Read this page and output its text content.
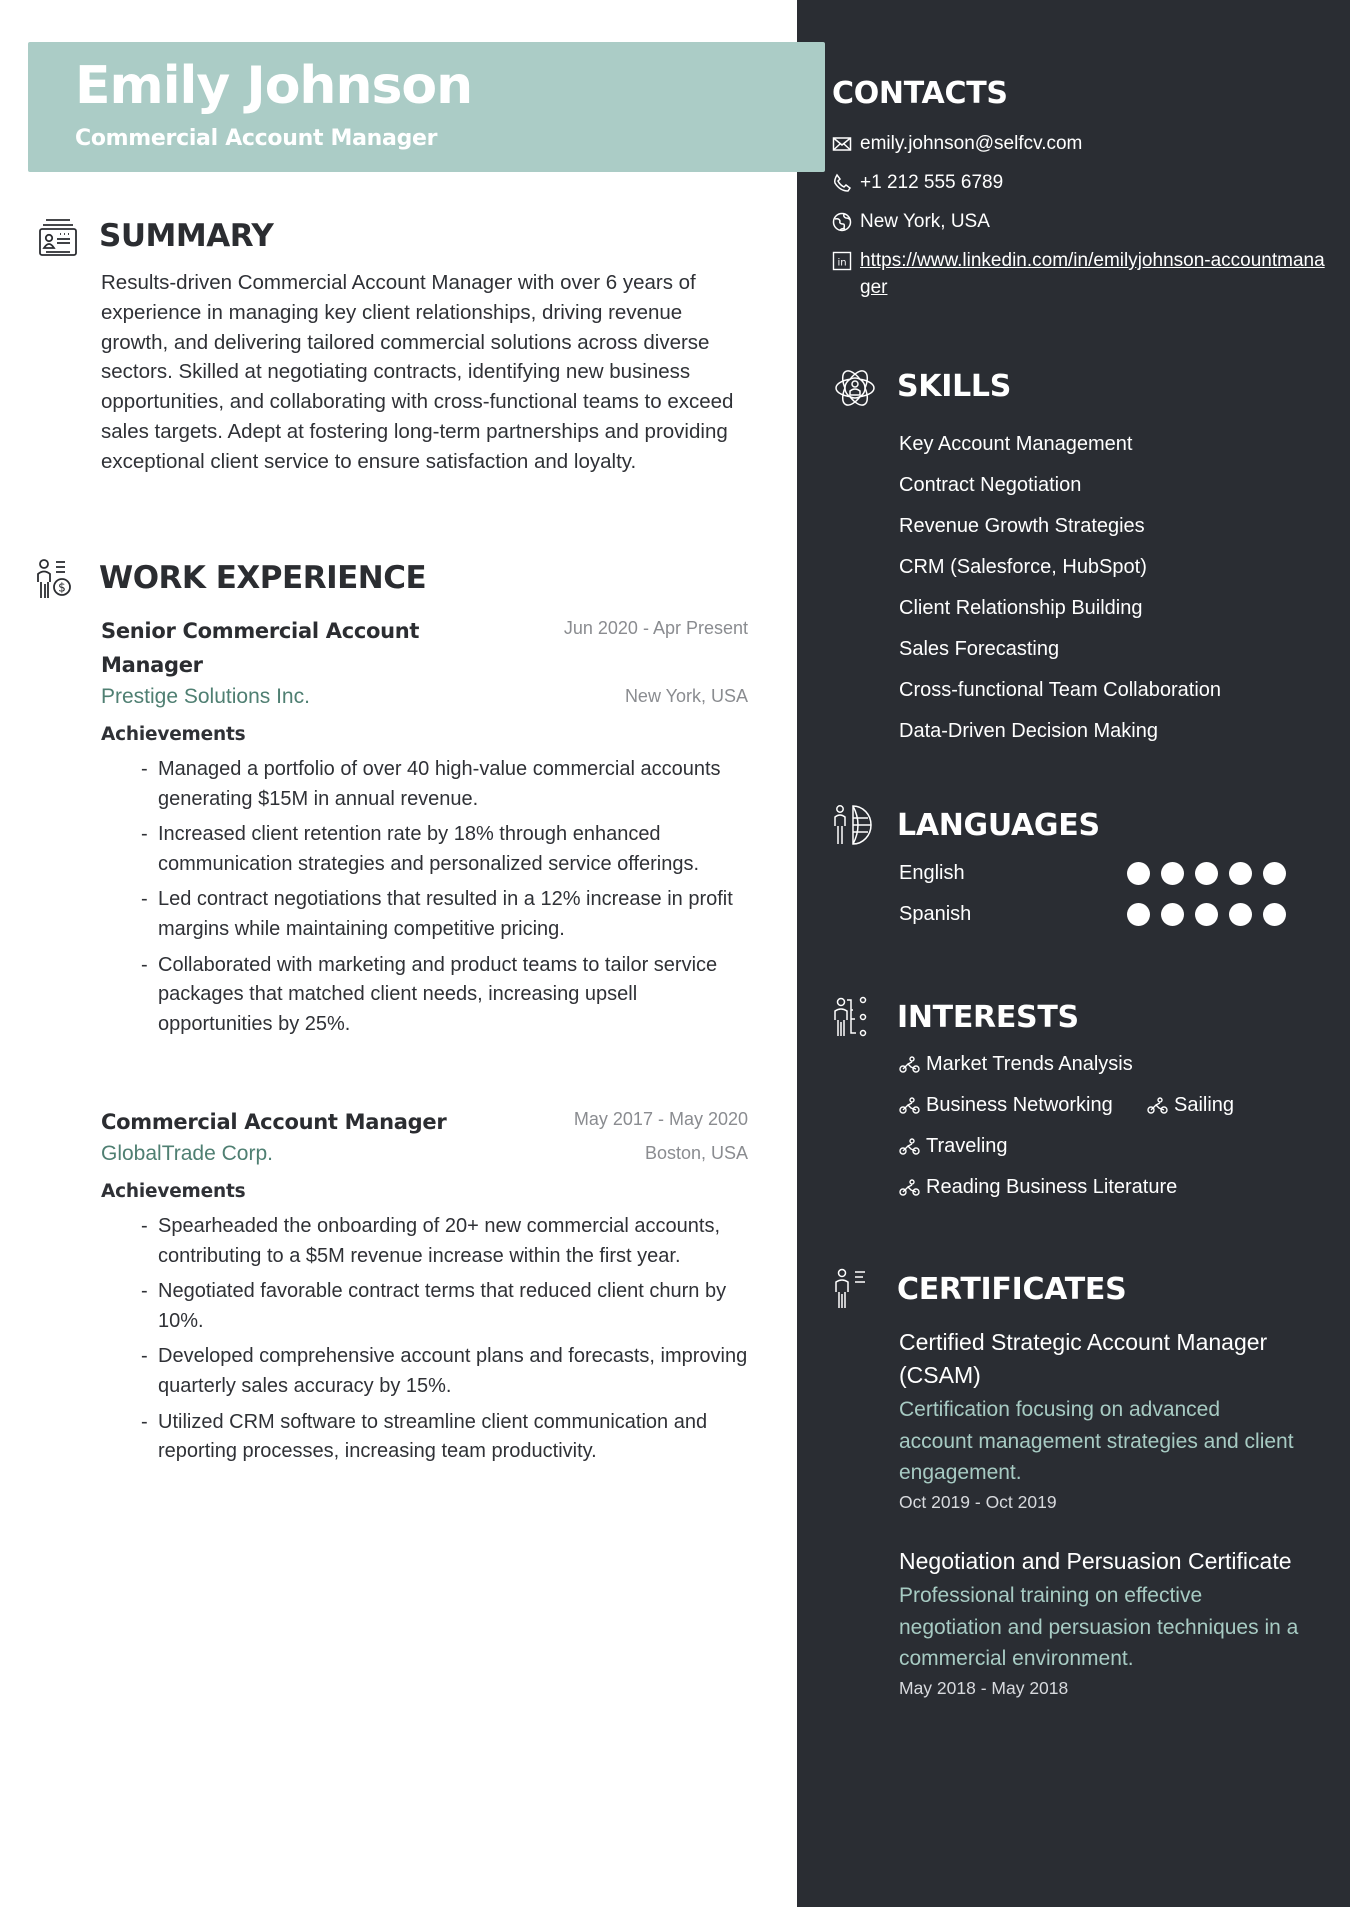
Emily Johnson
Commercial Account Manager
SUMMARY
Results-driven Commercial Account Manager with over 6 years of experience in managing key client relationships, driving revenue growth, and delivering tailored commercial solutions across diverse sectors. Skilled at negotiating contracts, identifying new business opportunities, and collaborating with cross-functional teams to exceed sales targets. Adept at fostering long-term partnerships and providing exceptional client service to ensure satisfaction and loyalty.
$ WORK EXPERIENCE
Jun 2020 - Apr Present
Senior Commercial Account Manager
New York, USA
Prestige Solutions Inc.
Achievements
- Managed a portfolio of over 40 high-value commercial accounts generating $15M in annual revenue.
- Increased client retention rate by 18% through enhanced communication strategies and personalized service offerings.
- Led contract negotiations that resulted in a 12% increase in profit margins while maintaining competitive pricing.
- Collaborated with marketing and product teams to tailor service packages that matched client needs, increasing upsell opportunities by 25%.
May 2017 - May 2020
Commercial Account Manager
Boston, USA
GlobalTrade Corp.
Achievements
- Spearheaded the onboarding of 20+ new commercial accounts, contributing to a $5M revenue increase within the first year.
- Negotiated favorable contract terms that reduced client churn by 10%.
- Developed comprehensive account plans and forecasts, improving quarterly sales accuracy by 15%.
- Utilized CRM software to streamline client communication and reporting processes, increasing team productivity.
CONTACTS
emily.johnson@selfcv.com
+1 212 555 6789
New York, USA
in https://www.linkedin.com/in/emilyjohnson-accountmanager
SKILLS
Key Account Management
Contract Negotiation
Revenue Growth Strategies
CRM (Salesforce, HubSpot)
Client Relationship Building
Sales Forecasting
Cross-functional Team Collaboration
Data-Driven Decision Making
LANGUAGES
English
Spanish
INTERESTS
Market Trends Analysis
Business Networking	Sailing
Traveling
Reading Business Literature
CERTIFICATES
Certified Strategic Account Manager (CSAM)
Certification focusing on advanced account management strategies and client engagement.
Oct 2019 - Oct 2019
Negotiation and Persuasion Certificate
Professional training on effective negotiation and persuasion techniques in a commercial environment.
May 2018 - May 2018
